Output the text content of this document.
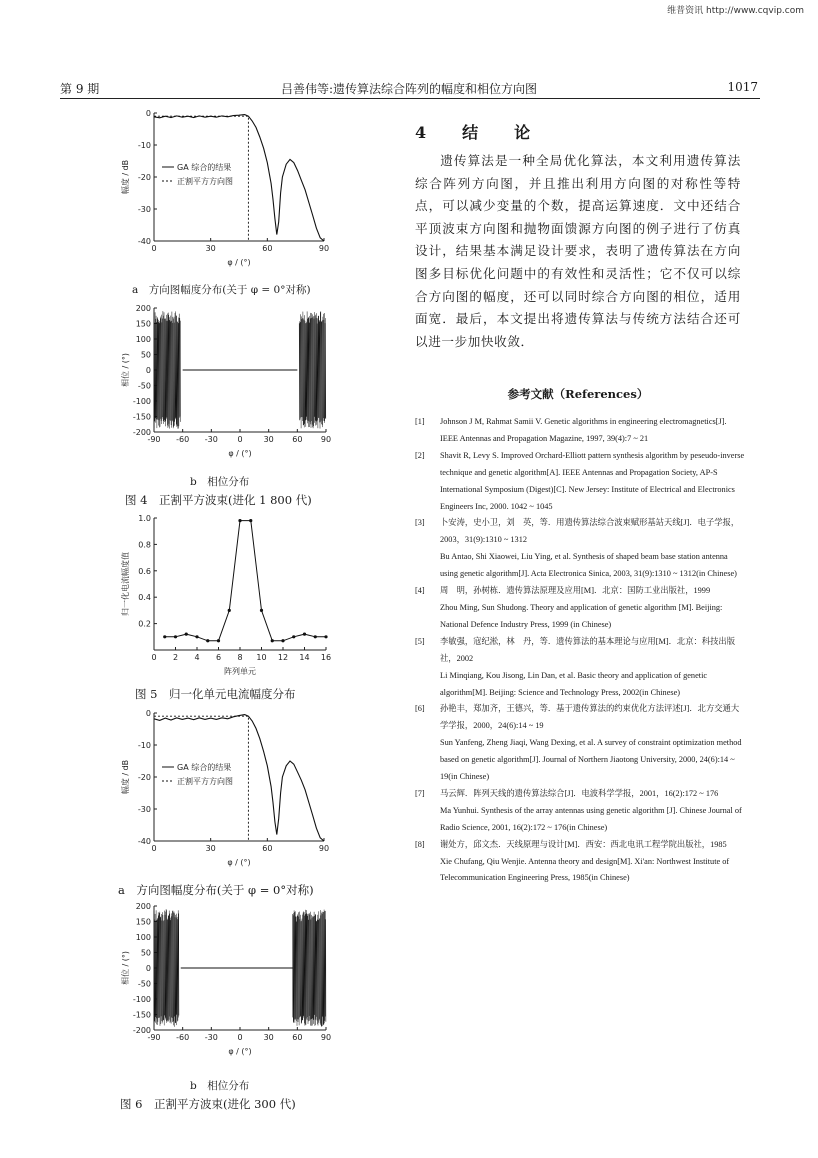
维普资讯 http://www.cqvip.com
第 9 期	吕善伟等:遗传算法综合阵列的幅度和相位方向图	1017
0	30	60	90
0
-10
-20
-30
-40
φ / (°)
幅度 / dB	GA 综合的结果
正割平方方向图
a　方向图幅度分布(关于 φ = 0°对称)
-90 -60 -30 0	30 60 90
200
150
100
50
0
-50
-100
-150
-200
φ / (°)
相位 / (°)
b　相位分布
图 4　正割平方波束(进化 1 800 代)
0 2 4 6 8 10 12 14 16
1.0
0.8
0.6
0.4
0.2
阵列单元
归一化电流幅度值
图 5　归一化单元电流幅度分布
0	30	60	90
0
-10
-20
-30
-40
φ / (°)
幅度 / dB	GA 综合的结果
正割平方方向图
a　方向图幅度分布(关于 φ = 0°对称)
-90 -60 -30 0	30 60 90
200
150
100
50
0
-50
-100
-150
-200
φ / (°)
相位 / (°)
b　相位分布
图 6　正割平方波束(进化 300 代)
4　结　论
遗传算法是一种全局优化算法，本文利用遗传算法综合阵列方向图，并且推出利用方向图的对称性等特点，可以减少变量的个数，提高运算速度．文中还结合平顶波束方向图和抛物面馈源方向图的例子进行了仿真设计，结果基本满足设计要求，表明了遗传算法在方向图多目标优化问题中的有效性和灵活性；它不仅可以综合方向图的幅度，还可以同时综合方向图的相位，适用面宽．最后，本文提出将遗传算法与传统方法结合还可以进一步加快收敛．
参考文献（References）
[1] Johnson J M, Rahmat Samii V. Genetic algorithms in engineering electromagnetics[J]. IEEE Antennas and Propagation Magazine, 1997, 39(4):7 ~ 21
[2] Shavit R, Levy S. Improved Orchard-Elliott pattern synthesis algorithm by peseudo-inverse technique and genetic algorithm[A]. IEEE Antennas and Propagation Society, AP-S International Symposium (Digest)[C]. New Jersey: Institute of Electrical and Electronics Engineers Inc, 2000. 1042 ~ 1045
[3] 卜安涛，史小卫，刘　英，等．用遗传算法综合波束赋形基站天线[J]．电子学报，2003，31(9):1310 ~ 1312
Bu Antao, Shi Xiaowei, Liu Ying, et al. Synthesis of shaped beam base station antenna using genetic algorithm[J]. Acta Electronica Sinica, 2003, 31(9):1310 ~ 1312(in Chinese)
[4] 周　明，孙树栋．遗传算法原理及应用[M]．北京：国防工业出版社，1999
Zhou Ming, Sun Shudong. Theory and application of genetic algorithm [M]. Beijing: National Defence Industry Press, 1999 (in Chinese)
[5] 李敏强，寇纪淞，林　丹，等．遗传算法的基本理论与应用[M]．北京：科技出版社，2002
Li Minqiang, Kou Jisong, Lin Dan, et al. Basic theory and application of genetic algorithm[M]. Beijing: Science and Technology Press, 2002(in Chinese)
[6] 孙艳丰，郑加齐，王德兴，等．基于遗传算法的约束优化方法评述[J]．北方交通大学学报，2000，24(6):14 ~ 19
Sun Yanfeng, Zheng Jiaqi, Wang Dexing, et al. A survey of constraint optimization method based on genetic algorithm[J]. Journal of Northern Jiaotong University, 2000, 24(6):14 ~ 19(in Chinese)
[7] 马云辉．阵列天线的遗传算法综合[J]．电波科学学报，2001，16(2):172 ~ 176
Ma Yunhui. Synthesis of the array antennas using genetic algorithm [J]. Chinese Journal of Radio Science, 2001, 16(2):172 ~ 176(in Chinese)
[8] 谢处方，邱文杰．天线原理与设计[M]．西安：西北电讯工程学院出版社，1985
Xie Chufang, Qiu Wenjie. Antenna theory and design[M]. Xi'an: Northwest Institute of Telecommunication Engineering Press, 1985(in Chinese)
